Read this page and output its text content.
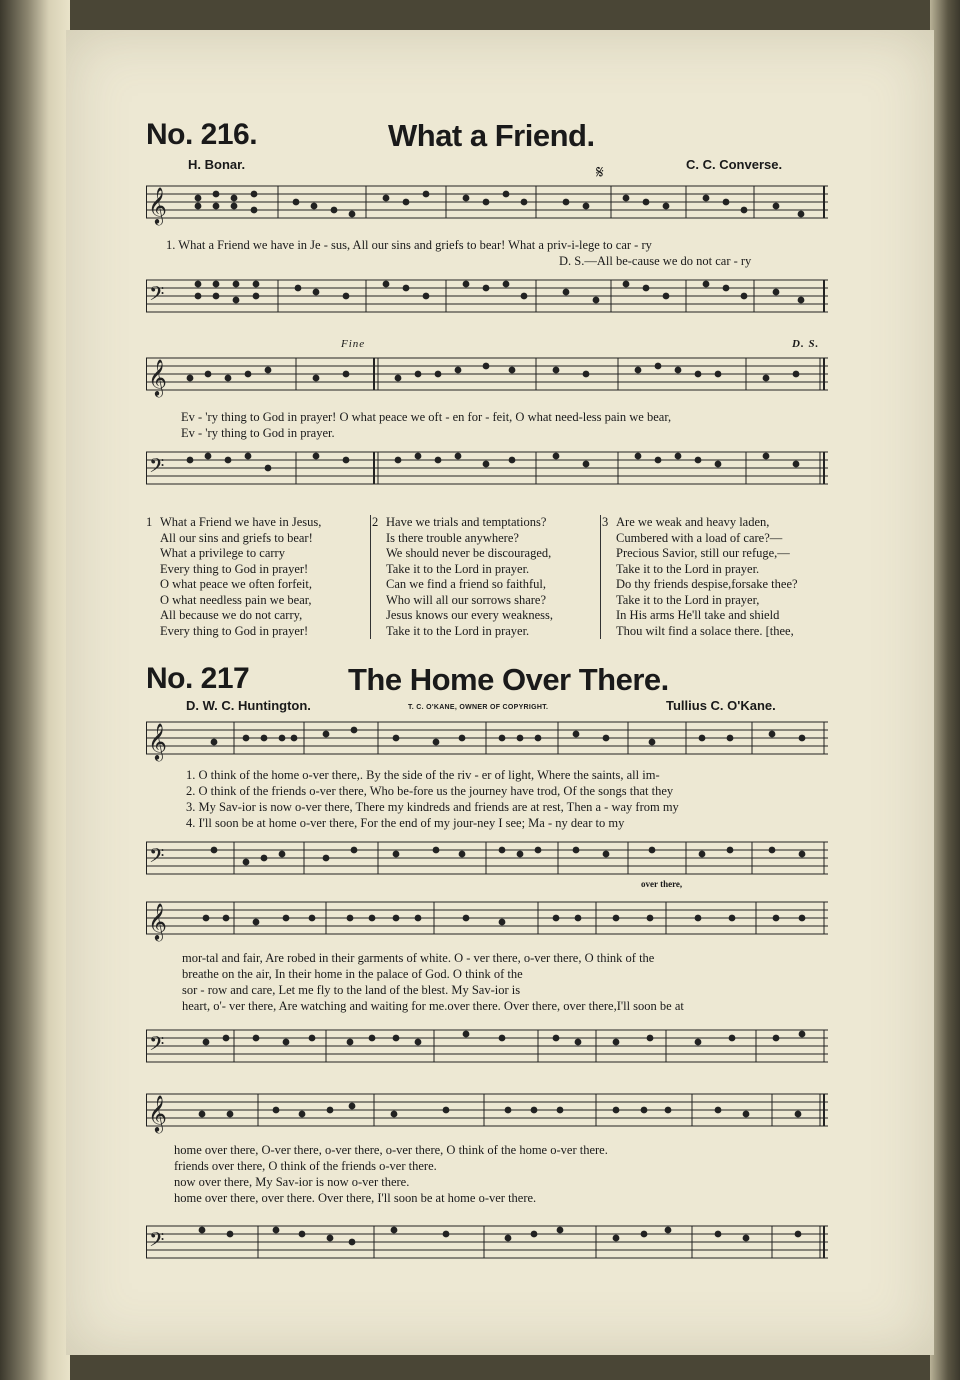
No. 216.	What a Friend.
H. Bonar.	C. C. Converse.
𝄋
𝄞
1. What a Friend we have in Je - sus, All our sins and griefs to bear! What a priv-i-lege to car - ry
D. S.—All be-cause we do not car - ry
𝄢
Fine	D. S.
𝄞
Ev - 'ry thing to God in prayer! O what peace we oft - en for - feit, O what need-less pain we bear,
Ev - 'ry thing to God in prayer.
𝄢
1 What a Friend we have in Jesus,
All our sins and griefs to bear!
What a privilege to carry
Every thing to God in prayer!
O what peace we often forfeit,
O what needless pain we bear,
All because we do not carry,
Every thing to God in prayer!
2 Have we trials and temptations?
Is there trouble anywhere?
We should never be discouraged,
Take it to the Lord in prayer.
Can we find a friend so faithful,
Who will all our sorrows share?
Jesus knows our every weakness,
Take it to the Lord in prayer.
3 Are we weak and heavy laden,
Cumbered with a load of care?—
Precious Savior, still our refuge,—
Take it to the Lord in prayer.
Do thy friends despise,forsake thee?
Take it to the Lord in prayer,
In His arms He'll take and shield
Thou wilt find a solace there. [thee,
No. 217	The Home Over There.
D. W. C. Huntington.	T. C. O'KANE, OWNER OF COPYRIGHT.	Tullius C. O'Kane.
𝄞
1. O think of the home o-ver there,. By the side of the riv - er of light, Where the saints, all im-
2. O think of the friends o-ver there, Who be-fore us the journey have trod, Of the songs that they
3. My Sav-ior is now o-ver there, There my kindreds and friends are at rest, Then a - way from my
4. I'll soon be at home o-ver there, For the end of my jour-ney I see; Ma - ny dear to my
𝄢
over there,
𝄞
mor-tal and fair, Are robed in their garments of white. O - ver there, o-ver there, O think of the
breathe on the air, In their home in the palace of God. O think of the
sor - row and care, Let me fly to the land of the blest. My Sav-ior is
heart, o'- ver there, Are watching and waiting for me.over there. Over there, over there,I'll soon be at
𝄢
𝄞
home over there, O-ver there, o-ver there, o-ver there, O think of the home o-ver there.
friends over there, O think of the friends o-ver there.
now over there, My Sav-ior is now o-ver there.
home over there, over there. Over there, I'll soon be at home o-ver there.
𝄢
